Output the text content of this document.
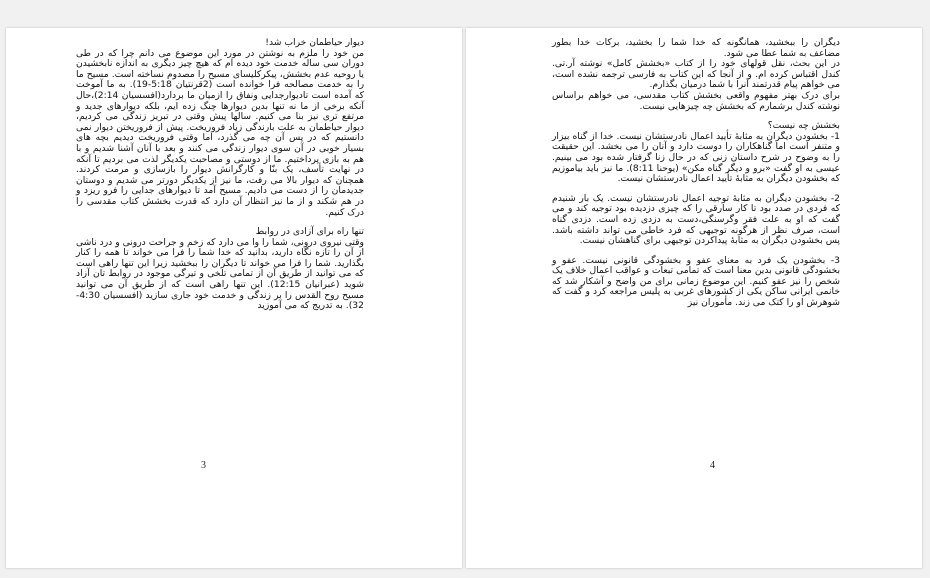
دیوار حیاطمان خراب شد!
من خود را ملزم به نوشتن در مورد این موضوع می دانم چرا که در طی دوران سی ساله خدمت خود دیده ام که هیچ چیز دیگری به اندازه نابخشیدن یا روحیه عدم بخشش، پیکرکلیسای مسیح را مصدوم نساخته است. مسیح ما را به خدمت مصالحه فرا خوانده است (2قرنتیان 5:18-19). به ما آموخت که آمده است تادیوارجدایی ونفاق را ازمیان ما بردارد(افسسیان 2:14)،حال آنکه برخی از ما نه تنها بدین دیوارها چنگ زده ایم، بلکه دیوارهای جدید و مرتفع تری نیز بنا می کنیم. سالها پیش وقتی در تبریز زندگی می کردیم، دیوار حیاطمان به علت بارندگی زیاد فروریخت. پیش از فروریختن دیوار نمی دانستیم که در پس آن چه می گذرد، اما وقتی فروریخت دیدیم بچه های بسیار خوبی در آن سوی دیوار زندگی می کنند و بعد با آنان آشنا شدیم و با هم به بازی پرداختیم. ما از دوستی و مصاحبت یکدیگر لذت می بردیم تا آنکه در نهایت تأسف، یک بنّا و کارگرانش دیوار را بازسازی و مرمت کردند. همچنان که دیوار بالا می رفت، ما نیز از یکدیگر دورتر می شدیم و دوستان جدیدمان را از دست می دادیم. مسیح آمد تا دیوارهای جدایی را فرو ریزد و در هم شکند و از ما نیز انتظار آن دارد که قدرت بخشش کتاب مقدسی را درک کنیم.
تنها راه برای آزادی در روابط
وقتی نیروی درونی، شما را وا می دارد که زخم و جراحت درونی و درد ناشی از آن را تازه نگاه دارید، بدانید که خدا شما را فرا می خواند تا همه را کنار بگذارید. شما را فرا می خواند تا دیگران را ببخشید زیرا این تنها راهی است که می توانید از طریق آن از تمامی تلخی و تیرگی موجود در روابط تان آزاد شوید (عبرانیان 12:15). این تنها راهی است که از طریق آن می توانید مسیح روح القدس را بر زندگی و خدمت خود جاری سازید (افسسیان 4:30-32). به تدریج که می آموزید
3
دیگران را ببخشید، همانگونه که خدا شما را بخشید، برکات خدا بطور مضاعف به شما عطا می شود.
در این بحث، نقل قولهای خود را از کتاب «بخشش کامل» نوشته آر.تی. کندل اقتباس کرده ام. و از آنجا که این کتاب به فارسی ترجمه نشده است، می خواهم پیام قدرتمند آنرا با شما درمیان بگذارم.
برای درک بهتر مفهوم واقعی بخشش کتاب مقدسی، می خواهم براساس نوشته کندل برشمارم که بخشش چه چیزهایی نیست.
بخشش چه نیست؟
1- بخشودن دیگران به مثابۀ تأیید اعمال نادرستشان نیست. خدا از گناه بیزار و متنفر است اما گناهکاران را دوست دارد و آنان را می بخشد. این حقیقت را به وضوح در شرح داستان زنی که در حال زنا گرفتار شده بود می بینیم. عیسی به او گفت «برو و دیگر گناه مکن» (یوحنا 8:11). ما نیز باید بیاموزیم که بخشودن دیگران به مثابۀ تأیید اعمال نادرستشان نیست.
2- بخشودن دیگران به مثابۀ توجیه اعمال نادرستشان نیست. یک بار شنیدم که فردی در صدد بود تا کار سارقی را که چیزی دزدیده بود توجیه کند و می گفت که او به علت فقر وگرسنگی،دست به دزدی زده است. دزدی گناه است، صرف نظر از هرگونه توجیهی که فرد خاطی می تواند داشته باشد. پس بخشودن دیگران به مثابۀ پیداکردن توجیهی برای گناهشان نیست.
3- بخشودن یک فرد به معنای عفو و بخشودگی قانونی نیست. عفو و بخشودگی قانونی بدین معنا است که تمامی تبعات و عواقب اعمال خلاف یک شخص را نیز عفو کنیم. این موضوع زمانی برای من واضح و آشکار شد که خانمی ایرانی ساکن یکی از کشورهای غربی به پلیس مراجعه کرد و گفت که شوهرش او را کتک می زند. مأموران نیز
4
